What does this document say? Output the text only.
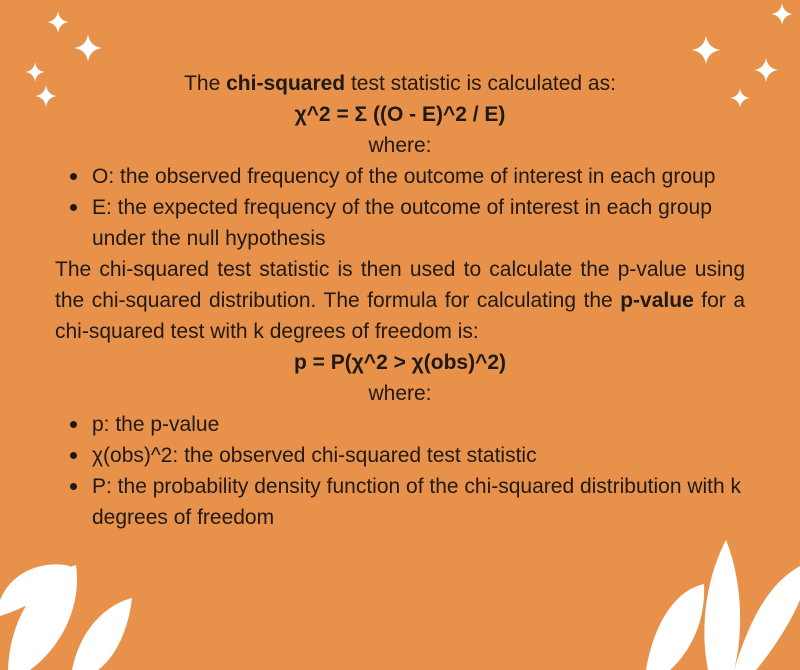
The chi-squared test statistic is calculated as:
χ^2 = Σ ((O - E)^2 / E)
where:
O: the observed frequency of the outcome of interest in each group
E: the expected frequency of the outcome of interest in each group under the null hypothesis
The chi-squared test statistic is then used to calculate the p-value using the chi-squared distribution. The formula for calculating the p-value for a chi-squared test with k degrees of freedom is:
p = P(χ^2 > χ(obs)^2)
where:
p: the p-value
χ(obs)^2: the observed chi-squared test statistic
P: the probability density function of the chi-squared distribution with k degrees of freedom
